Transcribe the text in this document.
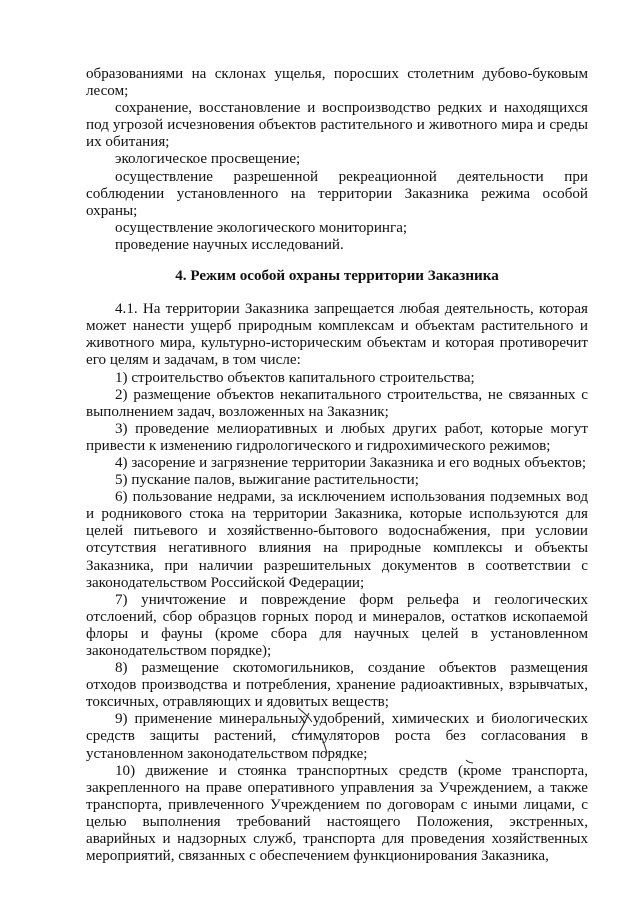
образованиями на склонах ущелья, поросших столетним дубово-буковым лесом;

сохранение, восстановление и воспроизводство редких и находящихся под угрозой исчезновения объектов растительного и животного мира и среды их обитания;

экологическое просвещение;

осуществление разрешенной рекреационной деятельности при соблюдении установленного на территории Заказника режима особой охраны;

осуществление экологического мониторинга;

проведение научных исследований.

4. Режим особой охраны территории Заказника

4.1. На территории Заказника запрещается любая деятельность, которая может нанести ущерб природным комплексам и объектам растительного и животного мира, культурно-историческим объектам и которая противоречит его целям и задачам, в том числе:

1) строительство объектов капитального строительства;

2) размещение объектов некапитального строительства, не связанных с выполнением задач, возложенных на Заказник;

3) проведение мелиоративных и любых других работ, которые могут привести к изменению гидрологического и гидрохимического режимов;

4) засорение и загрязнение территории Заказника и его водных объектов;

5) пускание палов, выжигание растительности;

6) пользование недрами, за исключением использования подземных вод и родникового стока на территории Заказника, которые используются для целей питьевого и хозяйственно-бытового водоснабжения, при условии отсутствия негативного влияния на природные комплексы и объекты Заказника, при наличии разрешительных документов в соответствии с законодательством Российской Федерации;

7) уничтожение и повреждение форм рельефа и геологических отслоений, сбор образцов горных пород и минералов, остатков ископаемой флоры и фауны (кроме сбора для научных целей в установленном законодательством порядке);

8) размещение скотомогильников, создание объектов размещения отходов производства и потребления, хранение радиоактивных, взрывчатых, токсичных, отравляющих и ядовитых веществ;

9) применение минеральных удобрений, химических и биологических средств защиты растений, стимуляторов роста без согласования в установленном законодательством порядке;

10) движение и стоянка транспортных средств (кроме транспорта, закрепленного на праве оперативного управления за Учреждением, а также транспорта, привлеченного Учреждением по договорам с иными лицами, с целью выполнения требований настоящего Положения, экстренных, аварийных и надзорных служб, транспорта для проведения хозяйственных мероприятий, связанных с обеспечением функционирования Заказника,
